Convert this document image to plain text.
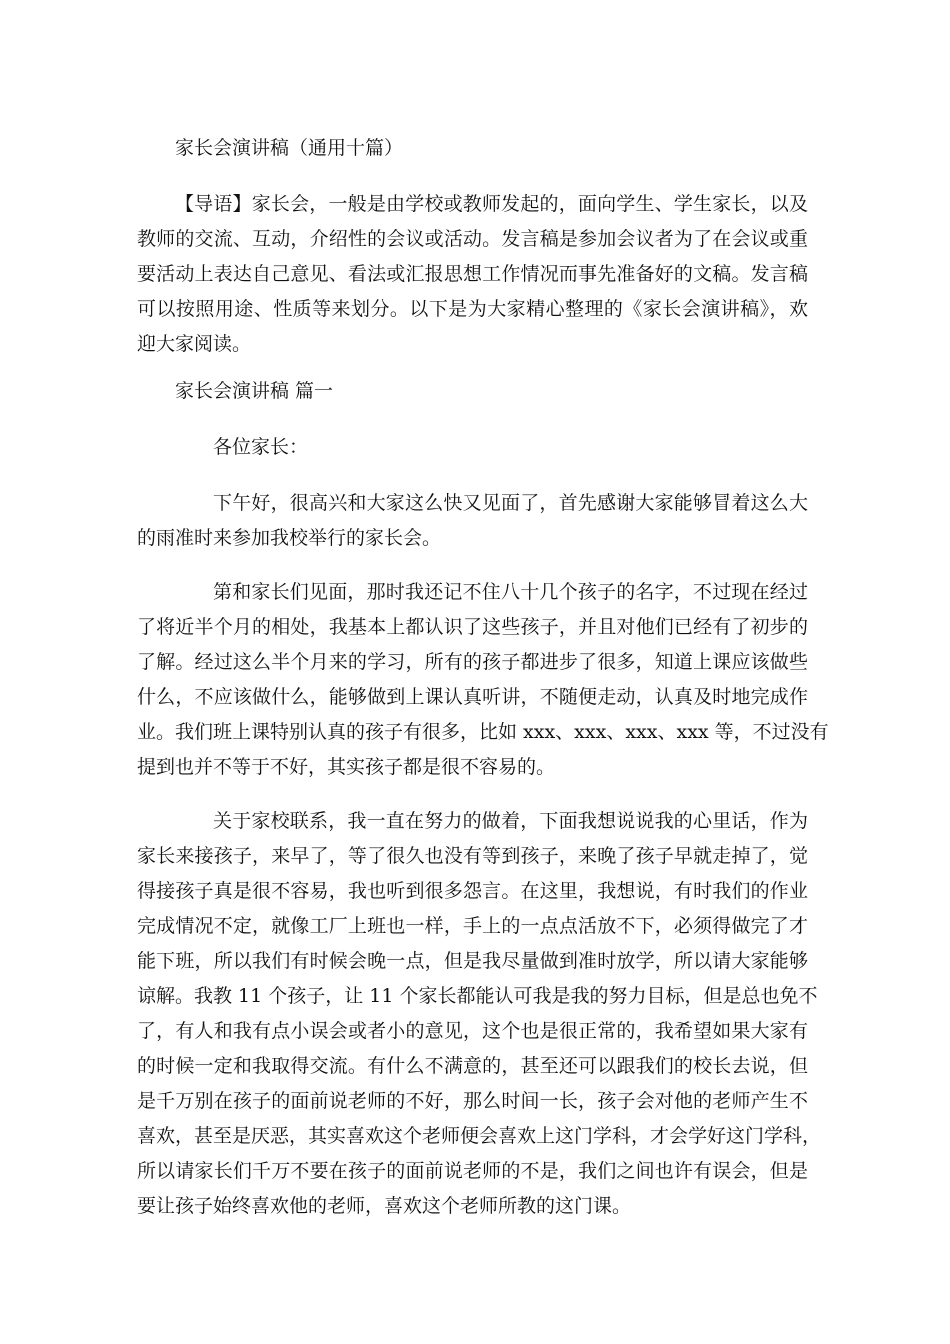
家长会演讲稿（通用十篇）
【导语】家长会，一般是由学校或教师发起的，面向学生、学生家长，以及
教师的交流、互动，介绍性的会议或活动。发言稿是参加会议者为了在会议或重
要活动上表达自己意见、看法或汇报思想工作情况而事先准备好的文稿。发言稿
可以按照用途、性质等来划分。以下是为大家精心整理的《家长会演讲稿》，欢
迎大家阅读。
家长会演讲稿 篇一
各位家长：
下午好，很高兴和大家这么快又见面了，首先感谢大家能够冒着这么大
的雨准时来参加我校举行的家长会。
第和家长们见面，那时我还记不住八十几个孩子的名字，不过现在经过
了将近半个月的相处，我基本上都认识了这些孩子，并且对他们已经有了初步的
了解。经过这么半个月来的学习，所有的孩子都进步了很多，知道上课应该做些
什么，不应该做什么，能够做到上课认真听讲，不随便走动，认真及时地完成作
业。我们班上课特别认真的孩子有很多，比如 xxx、xxx、xxx、xxx 等，不过没有
提到也并不等于不好，其实孩子都是很不容易的。
关于家校联系，我一直在努力的做着，下面我想说说我的心里话，作为
家长来接孩子，来早了，等了很久也没有等到孩子，来晚了孩子早就走掉了，觉
得接孩子真是很不容易，我也听到很多怨言。在这里，我想说，有时我们的作业
完成情况不定，就像工厂上班也一样，手上的一点点活放不下，必须得做完了才
能下班，所以我们有时候会晚一点，但是我尽量做到准时放学，所以请大家能够
谅解。我教 11 个孩子，让 11 个家长都能认可我是我的努力目标，但是总也免不
了，有人和我有点小误会或者小的意见，这个也是很正常的，我希望如果大家有
的时候一定和我取得交流。有什么不满意的，甚至还可以跟我们的校长去说，但
是千万别在孩子的面前说老师的不好，那么时间一长，孩子会对他的老师产生不
喜欢，甚至是厌恶，其实喜欢这个老师便会喜欢上这门学科，才会学好这门学科，
所以请家长们千万不要在孩子的面前说老师的不是，我们之间也许有误会，但是
要让孩子始终喜欢他的老师，喜欢这个老师所教的这门课。
